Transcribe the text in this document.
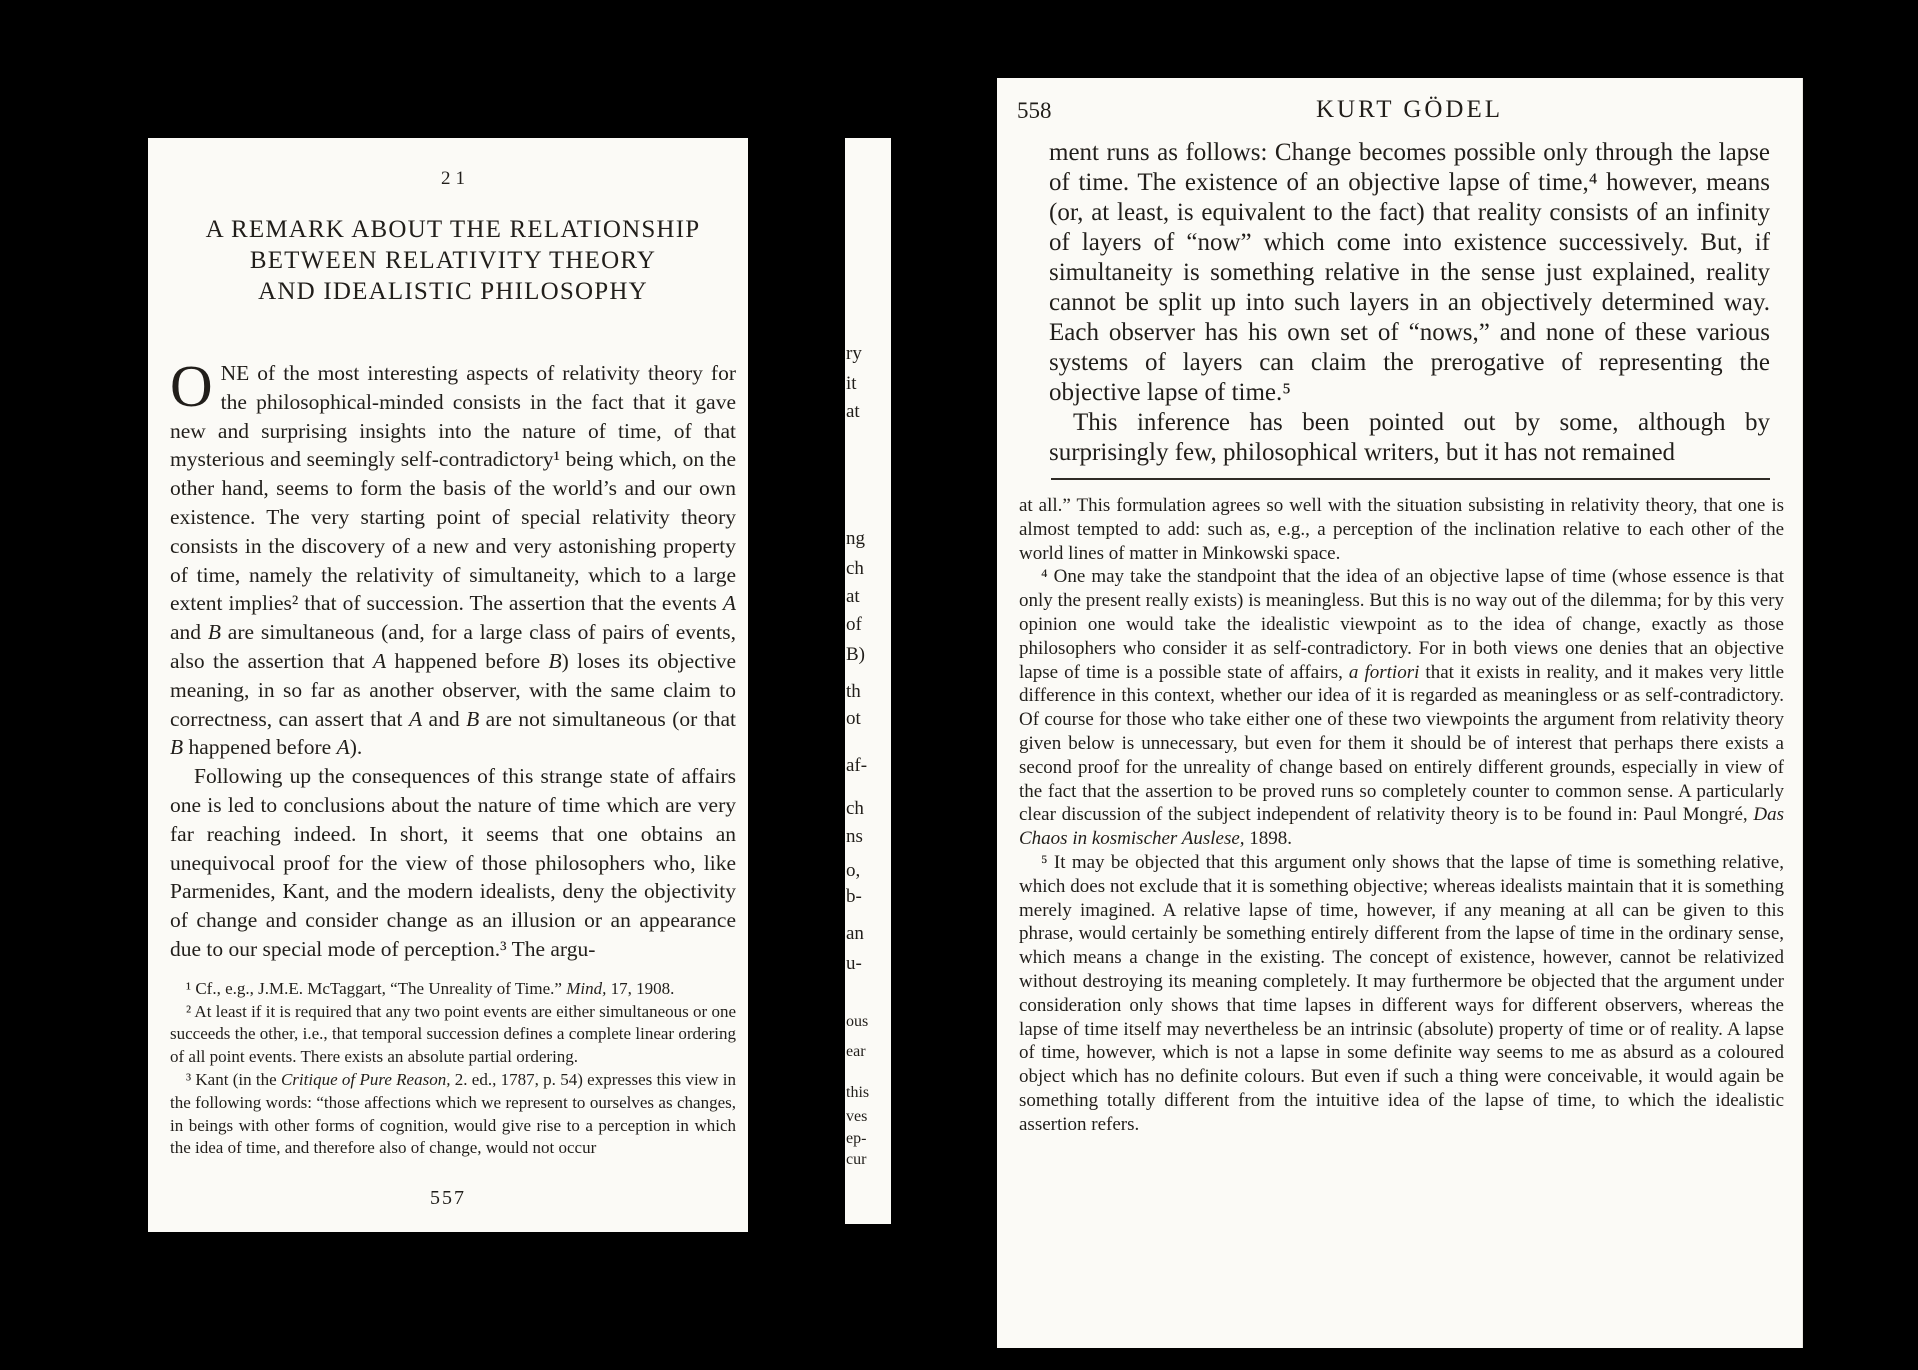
21
A REMARK ABOUT THE RELATIONSHIP
BETWEEN RELATIVITY THEORY
AND IDEALISTIC PHILOSOPHY

ONE of the most interesting aspects of relativity theory for the philosophical-minded consists in the fact that it gave new and surprising insights into the nature of time, of that mysterious and seemingly self-contradictory¹ being which, on the other hand, seems to form the basis of the world’s and our own existence. The very starting point of special relativity theory consists in the discovery of a new and very astonishing property of time, namely the relativity of simultaneity, which to a large extent implies² that of succession. The assertion that the events A and B are simultaneous (and, for a large class of pairs of events, also the assertion that A happened before B) loses its objective meaning, in so far as another observer, with the same claim to correctness, can assert that A and B are not simultaneous (or that B happened before A).

Following up the consequences of this strange state of affairs one is led to conclusions about the nature of time which are very far reaching indeed. In short, it seems that one obtains an unequivocal proof for the view of those philosophers who, like Parmenides, Kant, and the modern idealists, deny the objectivity of change and consider change as an illusion or an appearance due to our special mode of perception.³ The argu-

¹ Cf., e.g., J.M.E. McTaggart, “The Unreality of Time.” Mind, 17, 1908.

² At least if it is required that any two point events are either simultaneous or one succeeds the other, i.e., that temporal succession defines a complete linear ordering of all point events. There exists an absolute partial ordering.

³ Kant (in the Critique of Pure Reason, 2. ed., 1787, p. 54) expresses this view in the following words: “those affections which we represent to ourselves as changes, in beings with other forms of cognition, would give rise to a perception in which the idea of time, and therefore also of change, would not occur

557
ry
it
at
ng
ch
at
of
B)
th
ot
af-
ch
ns
o,
b-
an
u-
ous
ear
this
ves
ep-
cur
558	KURT GÖDEL

ment runs as follows: Change becomes possible only through the lapse of time. The existence of an objective lapse of time,⁴ however, means (or, at least, is equivalent to the fact) that reality consists of an infinity of layers of “now” which come into existence successively. But, if simultaneity is something relative in the sense just explained, reality cannot be split up into such layers in an objectively determined way. Each observer has his own set of “nows,” and none of these various systems of layers can claim the prerogative of representing the objective lapse of time.⁵

This inference has been pointed out by some, although by surprisingly few, philosophical writers, but it has not remained

at all.” This formulation agrees so well with the situation subsisting in relativity theory, that one is almost tempted to add: such as, e.g., a perception of the inclination relative to each other of the world lines of matter in Minkowski space.

⁴ One may take the standpoint that the idea of an objective lapse of time (whose essence is that only the present really exists) is meaningless. But this is no way out of the dilemma; for by this very opinion one would take the idealistic viewpoint as to the idea of change, exactly as those philosophers who consider it as self-contradictory. For in both views one denies that an objective lapse of time is a possible state of affairs, a fortiori that it exists in reality, and it makes very little difference in this context, whether our idea of it is regarded as meaningless or as self-contradictory. Of course for those who take either one of these two viewpoints the argument from relativity theory given below is unnecessary, but even for them it should be of interest that perhaps there exists a second proof for the unreality of change based on entirely different grounds, especially in view of the fact that the assertion to be proved runs so completely counter to common sense. A particularly clear discussion of the subject independent of relativity theory is to be found in: Paul Mongré, Das Chaos in kosmischer Auslese, 1898.

⁵ It may be objected that this argument only shows that the lapse of time is something relative, which does not exclude that it is something objective; whereas idealists maintain that it is something merely imagined. A relative lapse of time, however, if any meaning at all can be given to this phrase, would certainly be something entirely different from the lapse of time in the ordinary sense, which means a change in the existing. The concept of existence, however, cannot be relativized without destroying its meaning completely. It may furthermore be objected that the argument under consideration only shows that time lapses in different ways for different observers, whereas the lapse of time itself may nevertheless be an intrinsic (absolute) property of time or of reality. A lapse of time, however, which is not a lapse in some definite way seems to me as absurd as a coloured object which has no definite colours. But even if such a thing were conceivable, it would again be something totally different from the intuitive idea of the lapse of time, to which the idealistic assertion refers.
